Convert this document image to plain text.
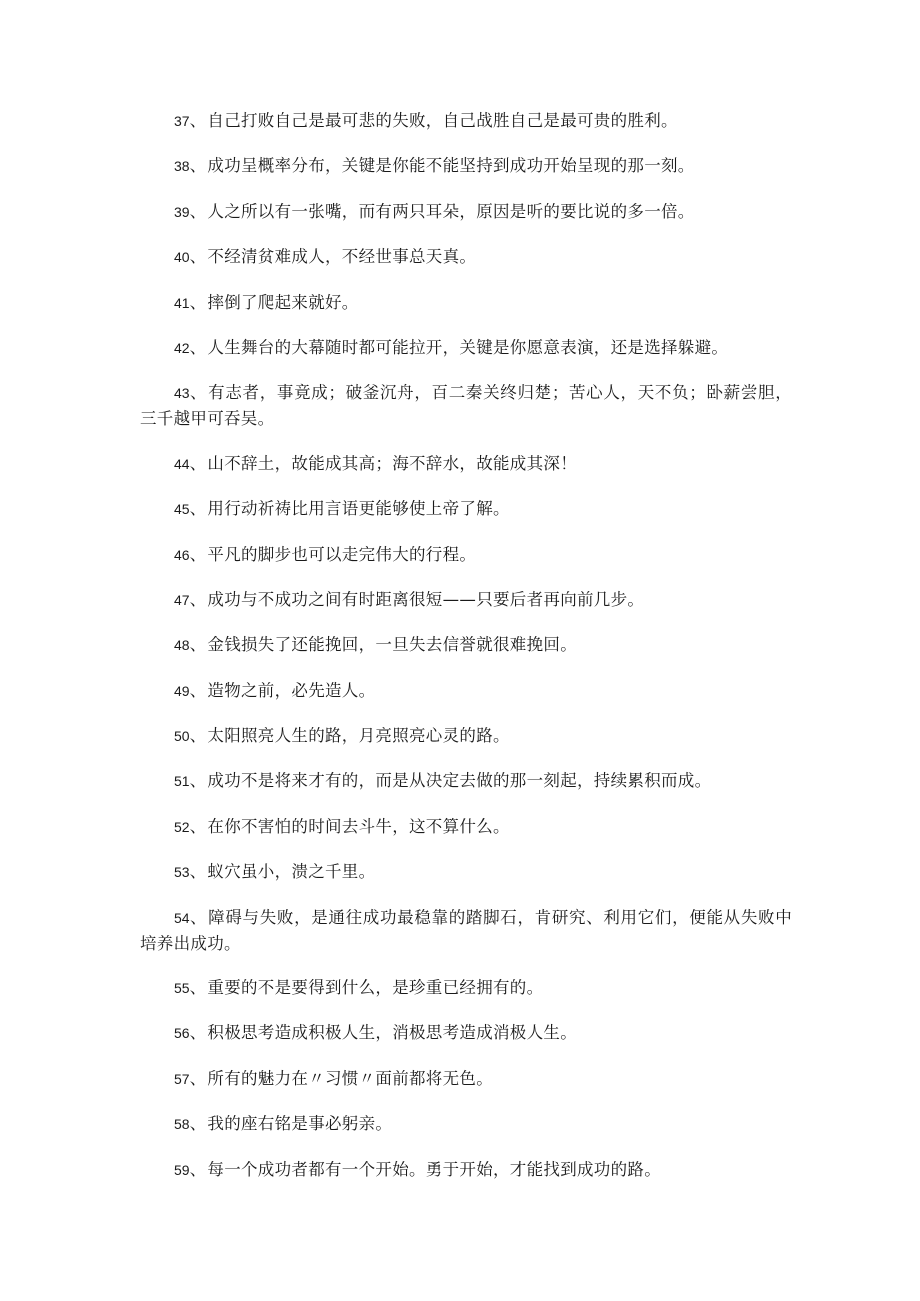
37、自己打败自己是最可悲的失败，自己战胜自己是最可贵的胜利。
38、成功呈概率分布，关键是你能不能坚持到成功开始呈现的那一刻。
39、人之所以有一张嘴，而有两只耳朵，原因是听的要比说的多一倍。
40、不经清贫难成人，不经世事总天真。
41、摔倒了爬起来就好。
42、人生舞台的大幕随时都可能拉开，关键是你愿意表演，还是选择躲避。
43、有志者，事竟成；破釜沉舟，百二秦关终归楚；苦心人，天不负；卧薪尝胆，三千越甲可吞吴。
44、山不辞土，故能成其高；海不辞水，故能成其深！
45、用行动祈祷比用言语更能够使上帝了解。
46、平凡的脚步也可以走完伟大的行程。
47、成功与不成功之间有时距离很短——只要后者再向前几步。
48、金钱损失了还能挽回，一旦失去信誉就很难挽回。
49、造物之前，必先造人。
50、太阳照亮人生的路，月亮照亮心灵的路。
51、成功不是将来才有的，而是从决定去做的那一刻起，持续累积而成。
52、在你不害怕的时间去斗牛，这不算什么。
53、蚁穴虽小，溃之千里。
54、障碍与失败，是通往成功最稳靠的踏脚石，肯研究、利用它们，便能从失败中培养出成功。
55、重要的不是要得到什么，是珍重已经拥有的。
56、积极思考造成积极人生，消极思考造成消极人生。
57、所有的魅力在〃习惯〃面前都将无色。
58、我的座右铭是事必躬亲。
59、每一个成功者都有一个开始。勇于开始，才能找到成功的路。
